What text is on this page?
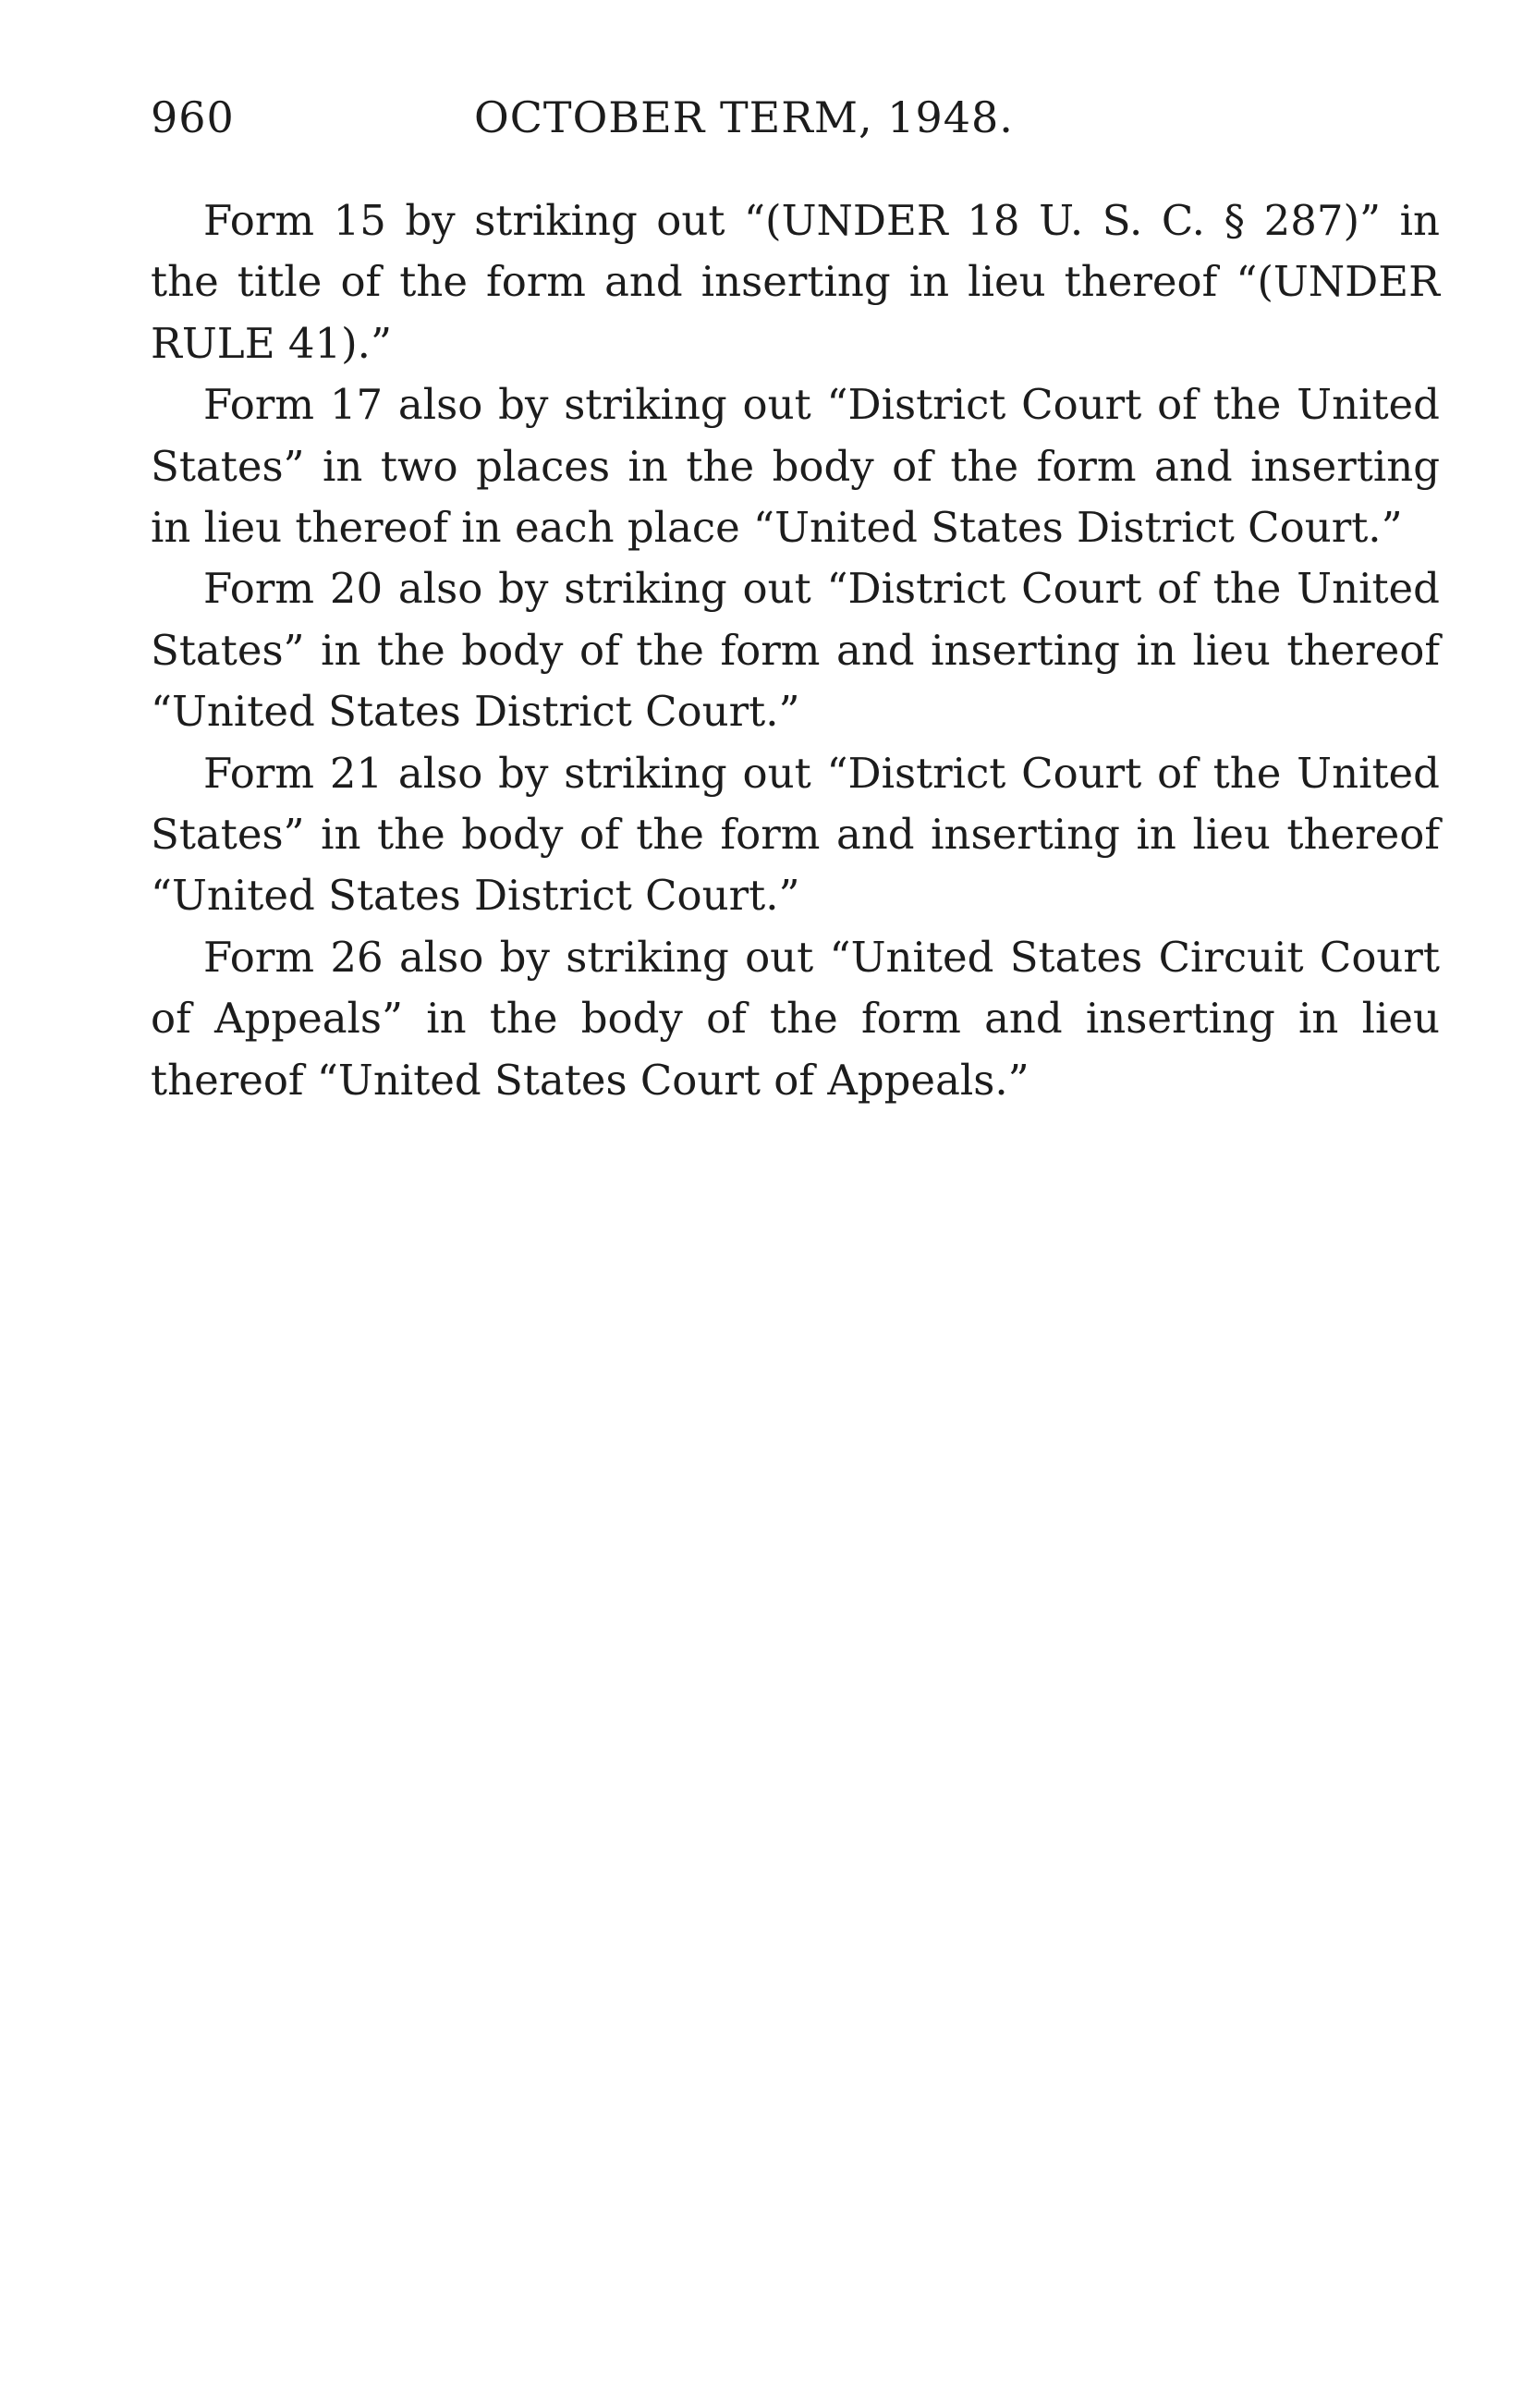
960	OCTOBER TERM, 1948.

Form 15 by striking out “(UNDER 18 U. S. C. § 287)” in the title of the form and inserting in lieu thereof “(UNDER RULE 41).”

Form 17 also by striking out “District Court of the United States” in two places in the body of the form and inserting in lieu thereof in each place “United States District Court.”

Form 20 also by striking out “District Court of the United States” in the body of the form and inserting in lieu thereof “United States District Court.”

Form 21 also by striking out “District Court of the United States” in the body of the form and inserting in lieu thereof “United States District Court.”

Form 26 also by striking out “United States Circuit Court of Appeals” in the body of the form and inserting in lieu thereof “United States Court of Appeals.”
